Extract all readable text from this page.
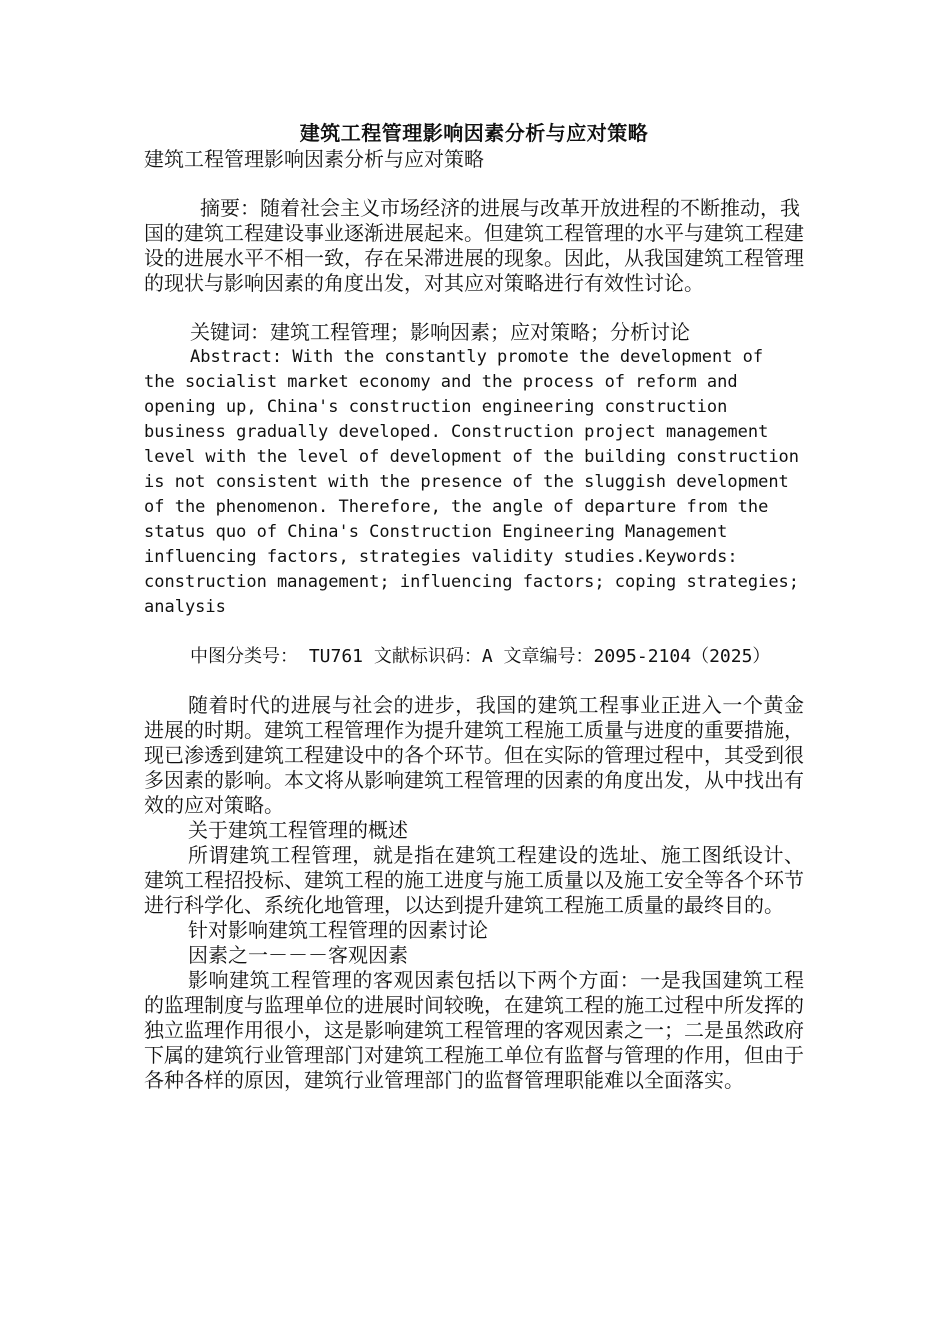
建筑工程管理影响因素分析与应对策略

建筑工程管理影响因素分析与应对策略

摘要：随着社会主义市场经济的进展与改革开放进程的不断推动，我国的建筑工程建设事业逐渐进展起来。但建筑工程管理的水平与建筑工程建设的进展水平不相一致，存在呆滞进展的现象。因此，从我国建筑工程管理的现状与影响因素的角度出发，对其应对策略进行有效性讨论。

关键词：建筑工程管理；影响因素；应对策略；分析讨论

Abstract: With the constantly promote the development of the socialist market economy and the process of reform and opening up, China's construction engineering construction business gradually developed. Construction project management level with the level of development of the building construction is not consistent with the presence of the sluggish development of the phenomenon. Therefore, the angle of departure from the status quo of China's Construction Engineering Management influencing factors, strategies validity studies.Keywords: construction management; influencing factors; coping strategies; analysis

中图分类号： TU761 文献标识码：A 文章编号：2095-2104（2025）

随着时代的进展与社会的进步，我国的建筑工程事业正进入一个黄金进展的时期。建筑工程管理作为提升建筑工程施工质量与进度的重要措施，现已渗透到建筑工程建设中的各个环节。但在实际的管理过程中，其受到很多因素的影响。本文将从影响建筑工程管理的因素的角度出发，从中找出有效的应对策略。

关于建筑工程管理的概述

所谓建筑工程管理，就是指在建筑工程建设的选址、施工图纸设计、建筑工程招投标、建筑工程的施工进度与施工质量以及施工安全等各个环节进行科学化、系统化地管理，以达到提升建筑工程施工质量的最终目的。

针对影响建筑工程管理的因素讨论

因素之一－－－客观因素

影响建筑工程管理的客观因素包括以下两个方面：一是我国建筑工程的监理制度与监理单位的进展时间较晚，在建筑工程的施工过程中所发挥的独立监理作用很小，这是影响建筑工程管理的客观因素之一；二是虽然政府下属的建筑行业管理部门对建筑工程施工单位有监督与管理的作用，但由于各种各样的原因，建筑行业管理部门的监督管理职能难以全面落实。
